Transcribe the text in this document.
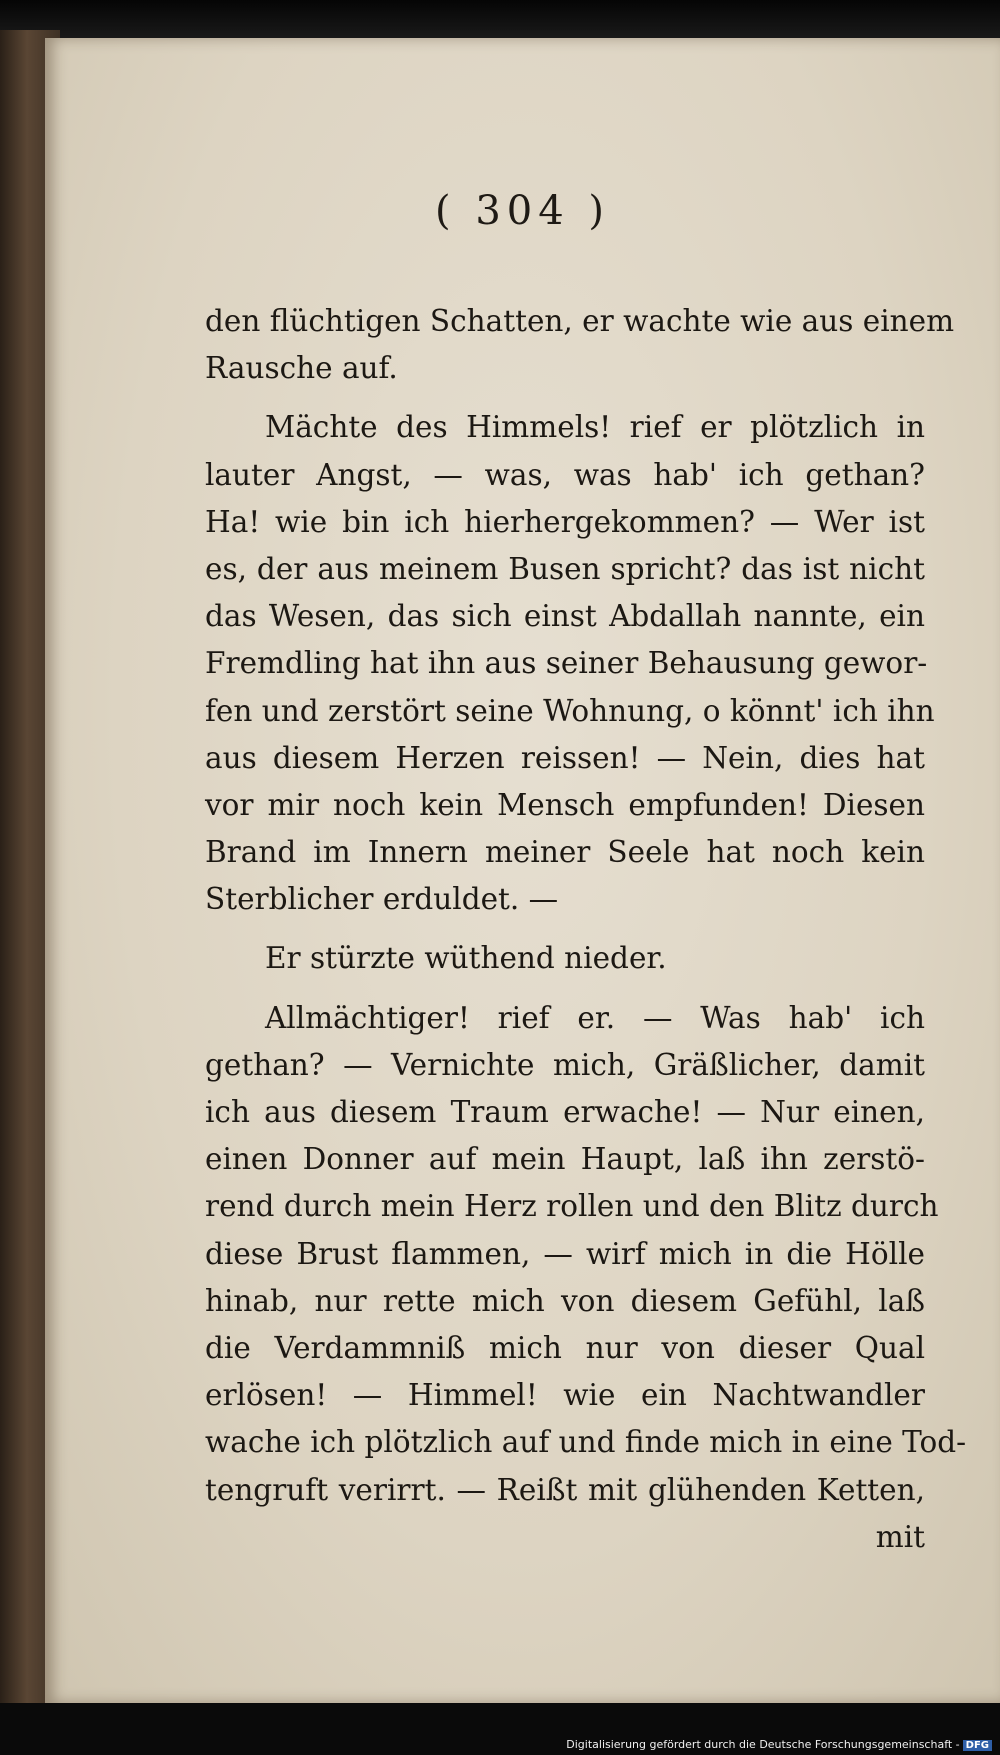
( 304 )
den flüchtigen Schatten, er wachte wie aus einem
Rausche auf.
Mächte des Himmels! rief er plötzlich in
lauter Angst, — was, was hab' ich gethan?
Ha! wie bin ich hierhergekommen? — Wer ist
es, der aus meinem Busen spricht? das ist nicht
das Wesen, das sich einst Abdallah nannte, ein
Fremdling hat ihn aus seiner Behausung gewor-
fen und zerstört seine Wohnung, o könnt' ich ihn
aus diesem Herzen reissen! — Nein, dies hat
vor mir noch kein Mensch empfunden! Diesen
Brand im Innern meiner Seele hat noch kein
Sterblicher erduldet. —
Er stürzte wüthend nieder.
Allmächtiger! rief er. — Was hab' ich
gethan? — Vernichte mich, Gräßlicher, damit
ich aus diesem Traum erwache! — Nur einen,
einen Donner auf mein Haupt, laß ihn zerstö-
rend durch mein Herz rollen und den Blitz durch
diese Brust flammen, — wirf mich in die Hölle
hinab, nur rette mich von diesem Gefühl, laß
die Verdammniß mich nur von dieser Qual
erlösen! — Himmel! wie ein Nachtwandler
wache ich plötzlich auf und finde mich in eine Tod-
tengruft verirrt. — Reißt mit glühenden Ketten,
mit
Digitalisierung gefördert durch die Deutsche Forschungsgemeinschaft - DFG
